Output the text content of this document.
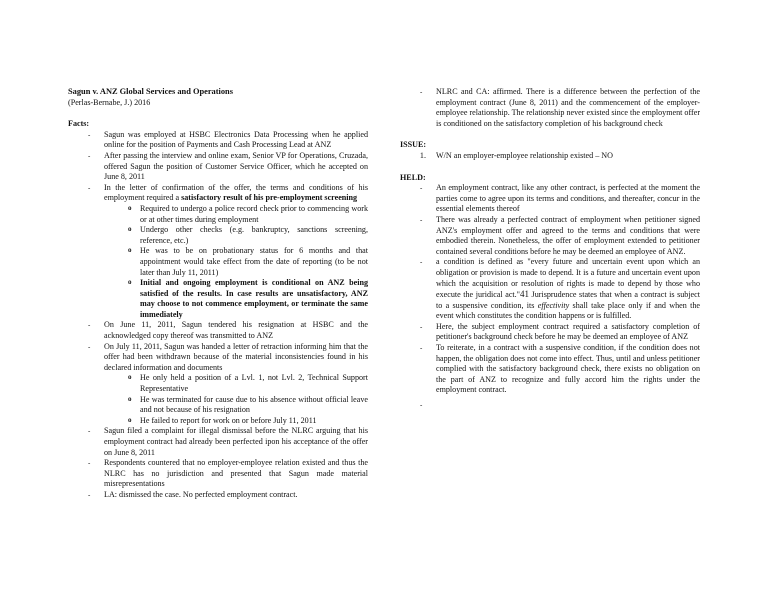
Sagun v. ANZ Global Services and Operations
(Perlas-Bernabe, J.) 2016
Facts:
- Sagun was employed at HSBC Electronics Data Processing when he applied online for the position of Payments and Cash Processing Lead at ANZ
- After passing the interview and online exam, Senior VP for Operations, Cruzada, offered Sagun the position of Customer Service Officer, which he accepted on June 8, 2011
- In the letter of confirmation of the offer, the terms and conditions of his employment required a satisfactory result of his pre-employment screening
o Required to undergo a police record check prior to commencing work or at other times during employment
o Undergo other checks (e.g. bankruptcy, sanctions screening, reference, etc.)
o He was to be on probationary status for 6 months and that appointment would take effect from the date of reporting (to be not later than July 11, 2011)
o Initial and ongoing employment is conditional on ANZ being satisfied of the results. In case results are unsatisfactory, ANZ may choose to not commence employment, or terminate the same immediately
- On June 11, 2011, Sagun tendered his resignation at HSBC and the acknowledged copy thereof was transmitted to ANZ
- On July 11, 2011, Sagun was handed a letter of retraction informing him that the offer had been withdrawn because of the material inconsistencies found in his declared information and documents
o He only held a position of a Lvl. 1, not Lvl. 2, Technical Support Representative
o He was terminated for cause due to his absence without official leave and not because of his resignation
o He failed to report for work on or before July 11, 2011
- Sagun filed a complaint for illegal dismissal before the NLRC arguing that his employment contract had already been perfected ipon his acceptance of the offer on June 8, 2011
- Respondents countered that no employer-employee relation existed and thus the NLRC has no jurisdiction and presented that Sagun made material misrepresentations
- LA: dismissed the case. No perfected employment contract.
- NLRC and CA: affirmed. There is a difference between the perfection of the employment contract (June 8, 2011) and the commencement of the employer-employee relationship. The relationship never existed since the employment offer is conditioned on the satisfactory completion of his background check
ISSUE:
1. W/N an employer-employee relationship existed – NO
HELD:
- An employment contract, like any other contract, is perfected at the moment the parties come to agree upon its terms and conditions, and thereafter, concur in the essential elements thereof
- There was already a perfected contract of employment when petitioner signed ANZ's employment offer and agreed to the terms and conditions that were embodied therein. Nonetheless, the offer of employment extended to petitioner contained several conditions before he may be deemed an employee of ANZ.
- a condition is defined as "every future and uncertain event upon which an obligation or provision is made to depend. It is a future and uncertain event upon which the acquisition or resolution of rights is made to depend by those who execute the juridical act."41 Jurisprudence states that when a contract is subject to a suspensive condition, its effectivity shall take place only if and when the event which constitutes the condition happens or is fulfilled.
- Here, the subject employment contract required a satisfactory completion of petitioner's background check before he may be deemed an employee of ANZ
- To reiterate, in a contract with a suspensive condition, if the condition does not happen, the obligation does not come into effect. Thus, until and unless petitioner complied with the satisfactory background check, there exists no obligation on the part of ANZ to recognize and fully accord him the rights under the employment contract.
-
